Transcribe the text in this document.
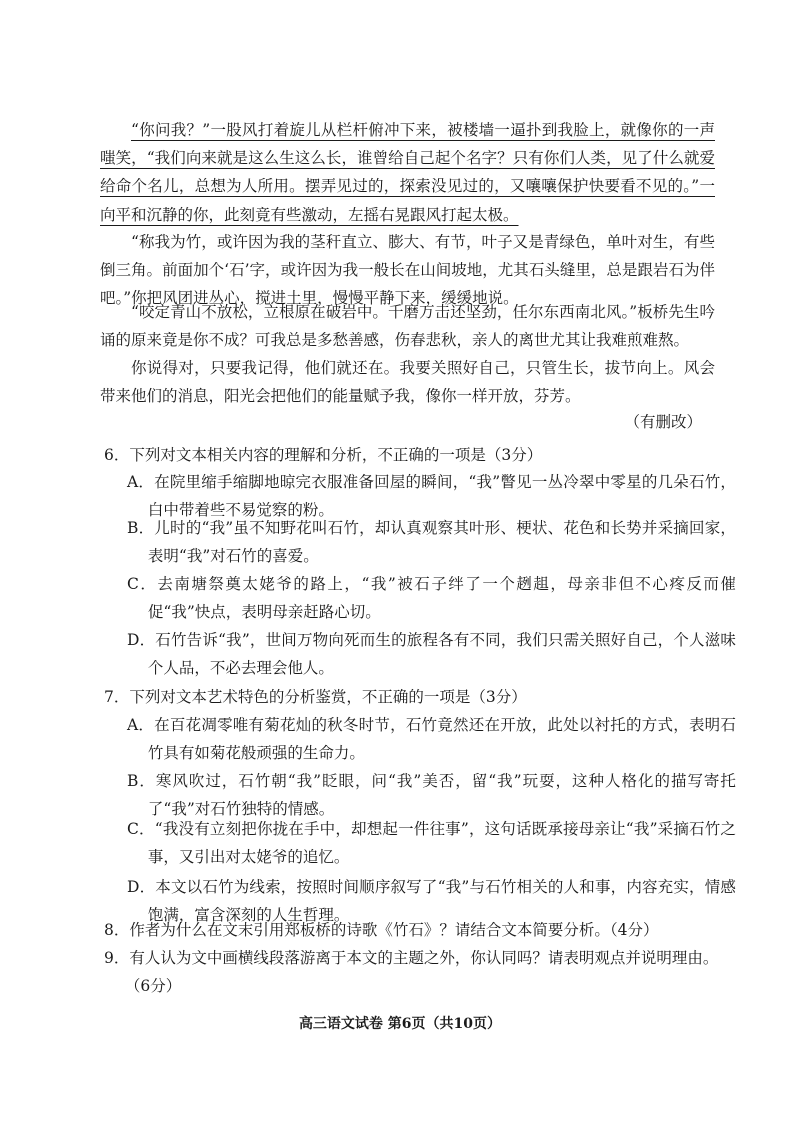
“你问我？”一股风打着旋儿从栏杆俯冲下来，被楼墙一逼扑到我脸上，就像你的一声嗤笑，“我们向来就是这么生这么长，谁曾给自己起个名字？只有你们人类，见了什么就爱给命个名儿，总想为人所用。摆弄见过的，探索没见过的，又嚷嚷保护快要看不见的。”一向平和沉静的你，此刻竟有些激动，左摇右晃跟风打起太极。
“称我为竹，或许因为我的茎秆直立、膨大、有节，叶子又是青绿色，单叶对生，有些倒三角。前面加个‘石’字，或许因为我一般长在山间坡地，尤其石头缝里，总是跟岩石为伴吧。”你把风团进丛心，搅进土里，慢慢平静下来，缓缓地说。
“咬定青山不放松，立根原在破岩中。千磨万击还坚劲，任尔东西南北风。”板桥先生吟诵的原来竟是你不成？可我总是多愁善感，伤春悲秋，亲人的离世尤其让我难煎难熬。
你说得对，只要我记得，他们就还在。我要关照好自己，只管生长，拔节向上。风会带来他们的消息，阳光会把他们的能量赋予我，像你一样开放，芬芳。
（有删改）
6．下列对文本相关内容的理解和分析，不正确的一项是（3分）
A．在院里缩手缩脚地晾完衣服准备回屋的瞬间，“我”瞥见一丛冷翠中零星的几朵石竹，白中带着些不易觉察的粉。
B．儿时的“我”虽不知野花叫石竹，却认真观察其叶形、梗状、花色和长势并采摘回家，表明“我”对石竹的喜爱。
C．去南塘祭奠太姥爷的路上，“我”被石子绊了一个趔趄，母亲非但不心疼反而催促“我”快点，表明母亲赶路心切。
D．石竹告诉“我”，世间万物向死而生的旅程各有不同，我们只需关照好自己，个人滋味个人品，不必去理会他人。
7．下列对文本艺术特色的分析鉴赏，不正确的一项是（3分）
A．在百花凋零唯有菊花灿的秋冬时节，石竹竟然还在开放，此处以衬托的方式，表明石竹具有如菊花般顽强的生命力。
B．寒风吹过，石竹朝“我”眨眼，问“我”美否，留“我”玩耍，这种人格化的描写寄托了“我”对石竹独特的情感。
C．“我没有立刻把你拢在手中，却想起一件往事”，这句话既承接母亲让“我”采摘石竹之事，又引出对太姥爷的追忆。
D．本文以石竹为线索，按照时间顺序叙写了“我”与石竹相关的人和事，内容充实，情感饱满，富含深刻的人生哲理。
8．作者为什么在文末引用郑板桥的诗歌《竹石》？请结合文本简要分析。（4分）
9．有人认为文中画横线段落游离于本文的主题之外，你认同吗？请表明观点并说明理由。（6分）
高三语文试卷 第6页（共10页）
